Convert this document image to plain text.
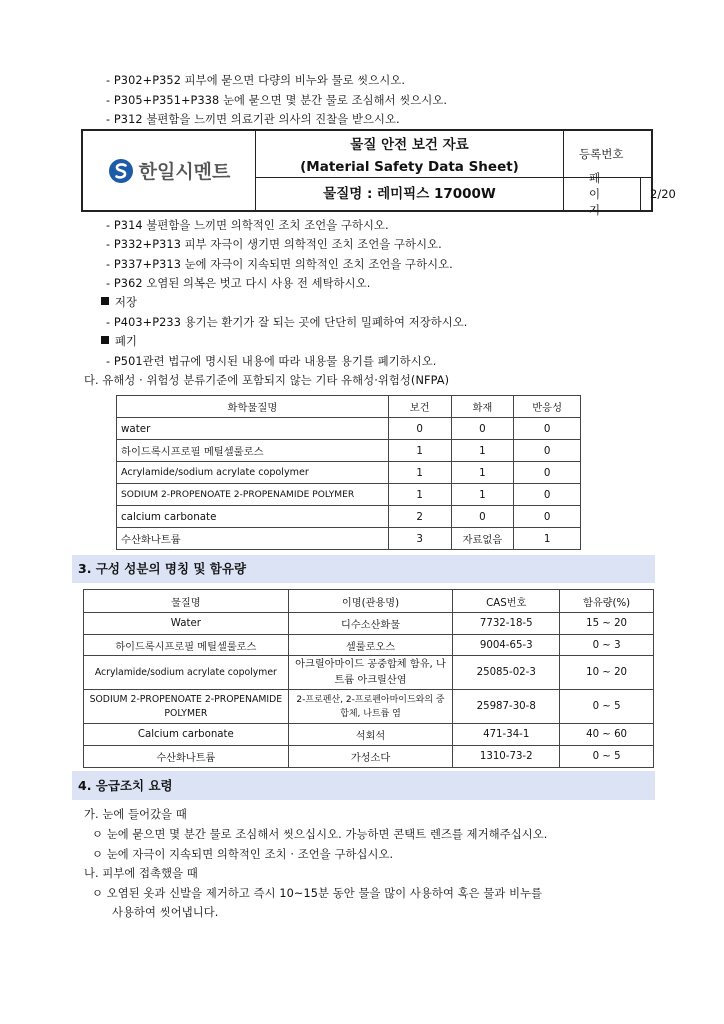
- P302+P352 피부에 묻으면 다량의 비누와 물로 씻으시오.
- P305+P351+P338 눈에 묻으면 몇 분간 물로 조심해서 씻으시오.
- P312 불편함을 느끼면 의료기관 의사의 진찰을 받으시오.
한일시멘트
물질 안전 보건 자료
(Material Safety Data Sheet)
물질명 : 레미픽스 17000W
등록번호
페이지
2/20
- P314 불편함을 느끼면 의학적인 조치 조언을 구하시오.
- P332+P313 피부 자극이 생기면 의학적인 조치 조언을 구하시오.
- P337+P313 눈에 자극이 지속되면 의학적인 조치 조언을 구하시오.
- P362 오염된 의복은 벗고 다시 사용 전 세탁하시오.
저장
- P403+P233 용기는 환기가 잘 되는 곳에 단단히 밀폐하여 저장하시오.
폐기
- P501관련 법규에 명시된 내용에 따라 내용물 용기를 폐기하시오.
다. 유해성 · 위험성 분류기준에 포함되지 않는 기타 유해성·위험성(NFPA)
화학물질명	보건	화재	반응성
water	0	0	0
하이드록시프로필 메틸셀룰로스	1	1	0
Acrylamide/sodium acrylate copolymer	1	1	0
SODIUM 2-PROPENOATE 2-PROPENAMIDE POLYMER	1	1	0
calcium carbonate	2	0	0
수산화나트륨	3	자료없음	1
3. 구성 성분의 명칭 및 함유량
물질명	이명(관용명)	CAS번호	함유량(%)
Water	디수소산화물	7732-18-5	15 ~ 20
하이드록시프로필 메틸셀룰로스	셀룰로오스	9004-65-3	0 ~ 3
Acrylamide/sodium acrylate copolymer	아크릴아마이드 공중합체 함유, 나트륨 아크릴산염	25085-02-3	10 ~ 20
SODIUM 2-PROPENOATE 2-PROPENAMIDE POLYMER	2-프로펜산, 2-프로펜아마이드와의 중합체, 나트륨 염	25987-30-8	0 ~ 5
Calcium carbonate	석회석	471-34-1	40 ~ 60
수산화나트륨	가성소다	1310-73-2	0 ~ 5
4. 응급조치 요령
가. 눈에 들어갔을 때
ㅇ 눈에 묻으면 몇 분간 물로 조심해서 씻으십시오. 가능하면 콘택트 렌즈를 제거해주십시오.
ㅇ 눈에 자극이 지속되면 의학적인 조치 · 조언을 구하십시오.
나. 피부에 접촉했을 때
ㅇ 오염된 옷과 신발을 제거하고 즉시 10~15분 동안 물을 많이 사용하여 혹은 물과 비누를
사용하여 씻어냅니다.
